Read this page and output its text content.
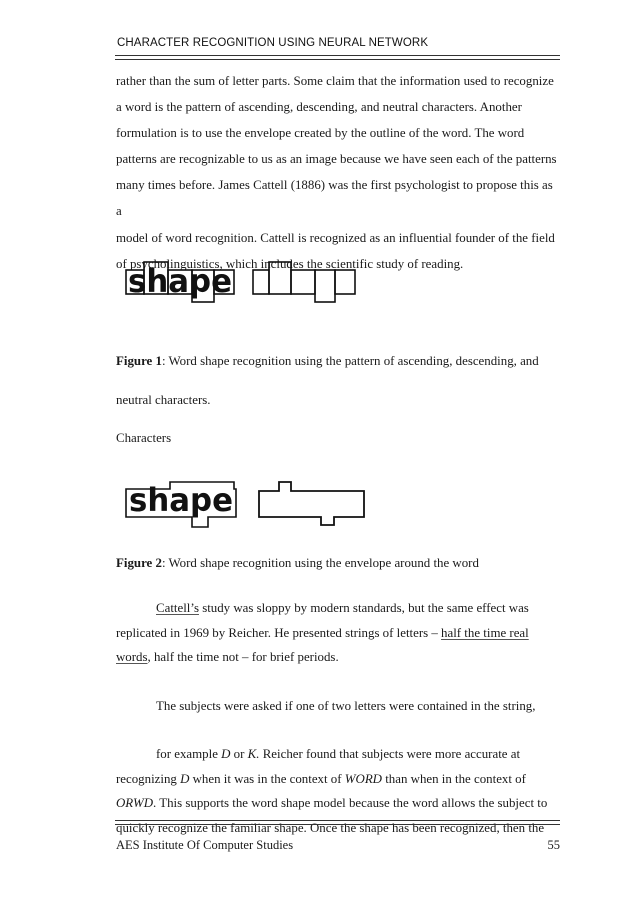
CHARACTER RECOGNITION USING NEURAL NETWORK

rather than the sum of letter parts. Some claim that the information used to recognize

a word is the pattern of ascending, descending, and neutral characters. Another

formulation is to use the envelope created by the outline of the word. The word

patterns are recognizable to us as an image because we have seen each of the patterns

many times before. James Cattell (1886) was the first psychologist to propose this as a

model of word recognition. Cattell is recognized as an influential founder of the field

of psycholinguistics, which includes the scientific study of reading.

shape

Figure 1: Word shape recognition using the pattern of ascending, descending, and

neutral characters.

Characters
shape
Figure 2: Word shape recognition using the envelope around the word

Cattell’s study was sloppy by modern standards, but the same effect was

replicated in 1969 by Reicher. He presented strings of letters – half the time real

words, half the time not – for brief periods.

The subjects were asked if one of two letters were contained in the string,

for example D or K. Reicher found that subjects were more accurate at

recognizing D when it was in the context of WORD than when in the context of

ORWD. This supports the word shape model because the word allows the subject to

quickly recognize the familiar shape. Once the shape has been recognized, then the

AES Institute Of Computer Studies	55
